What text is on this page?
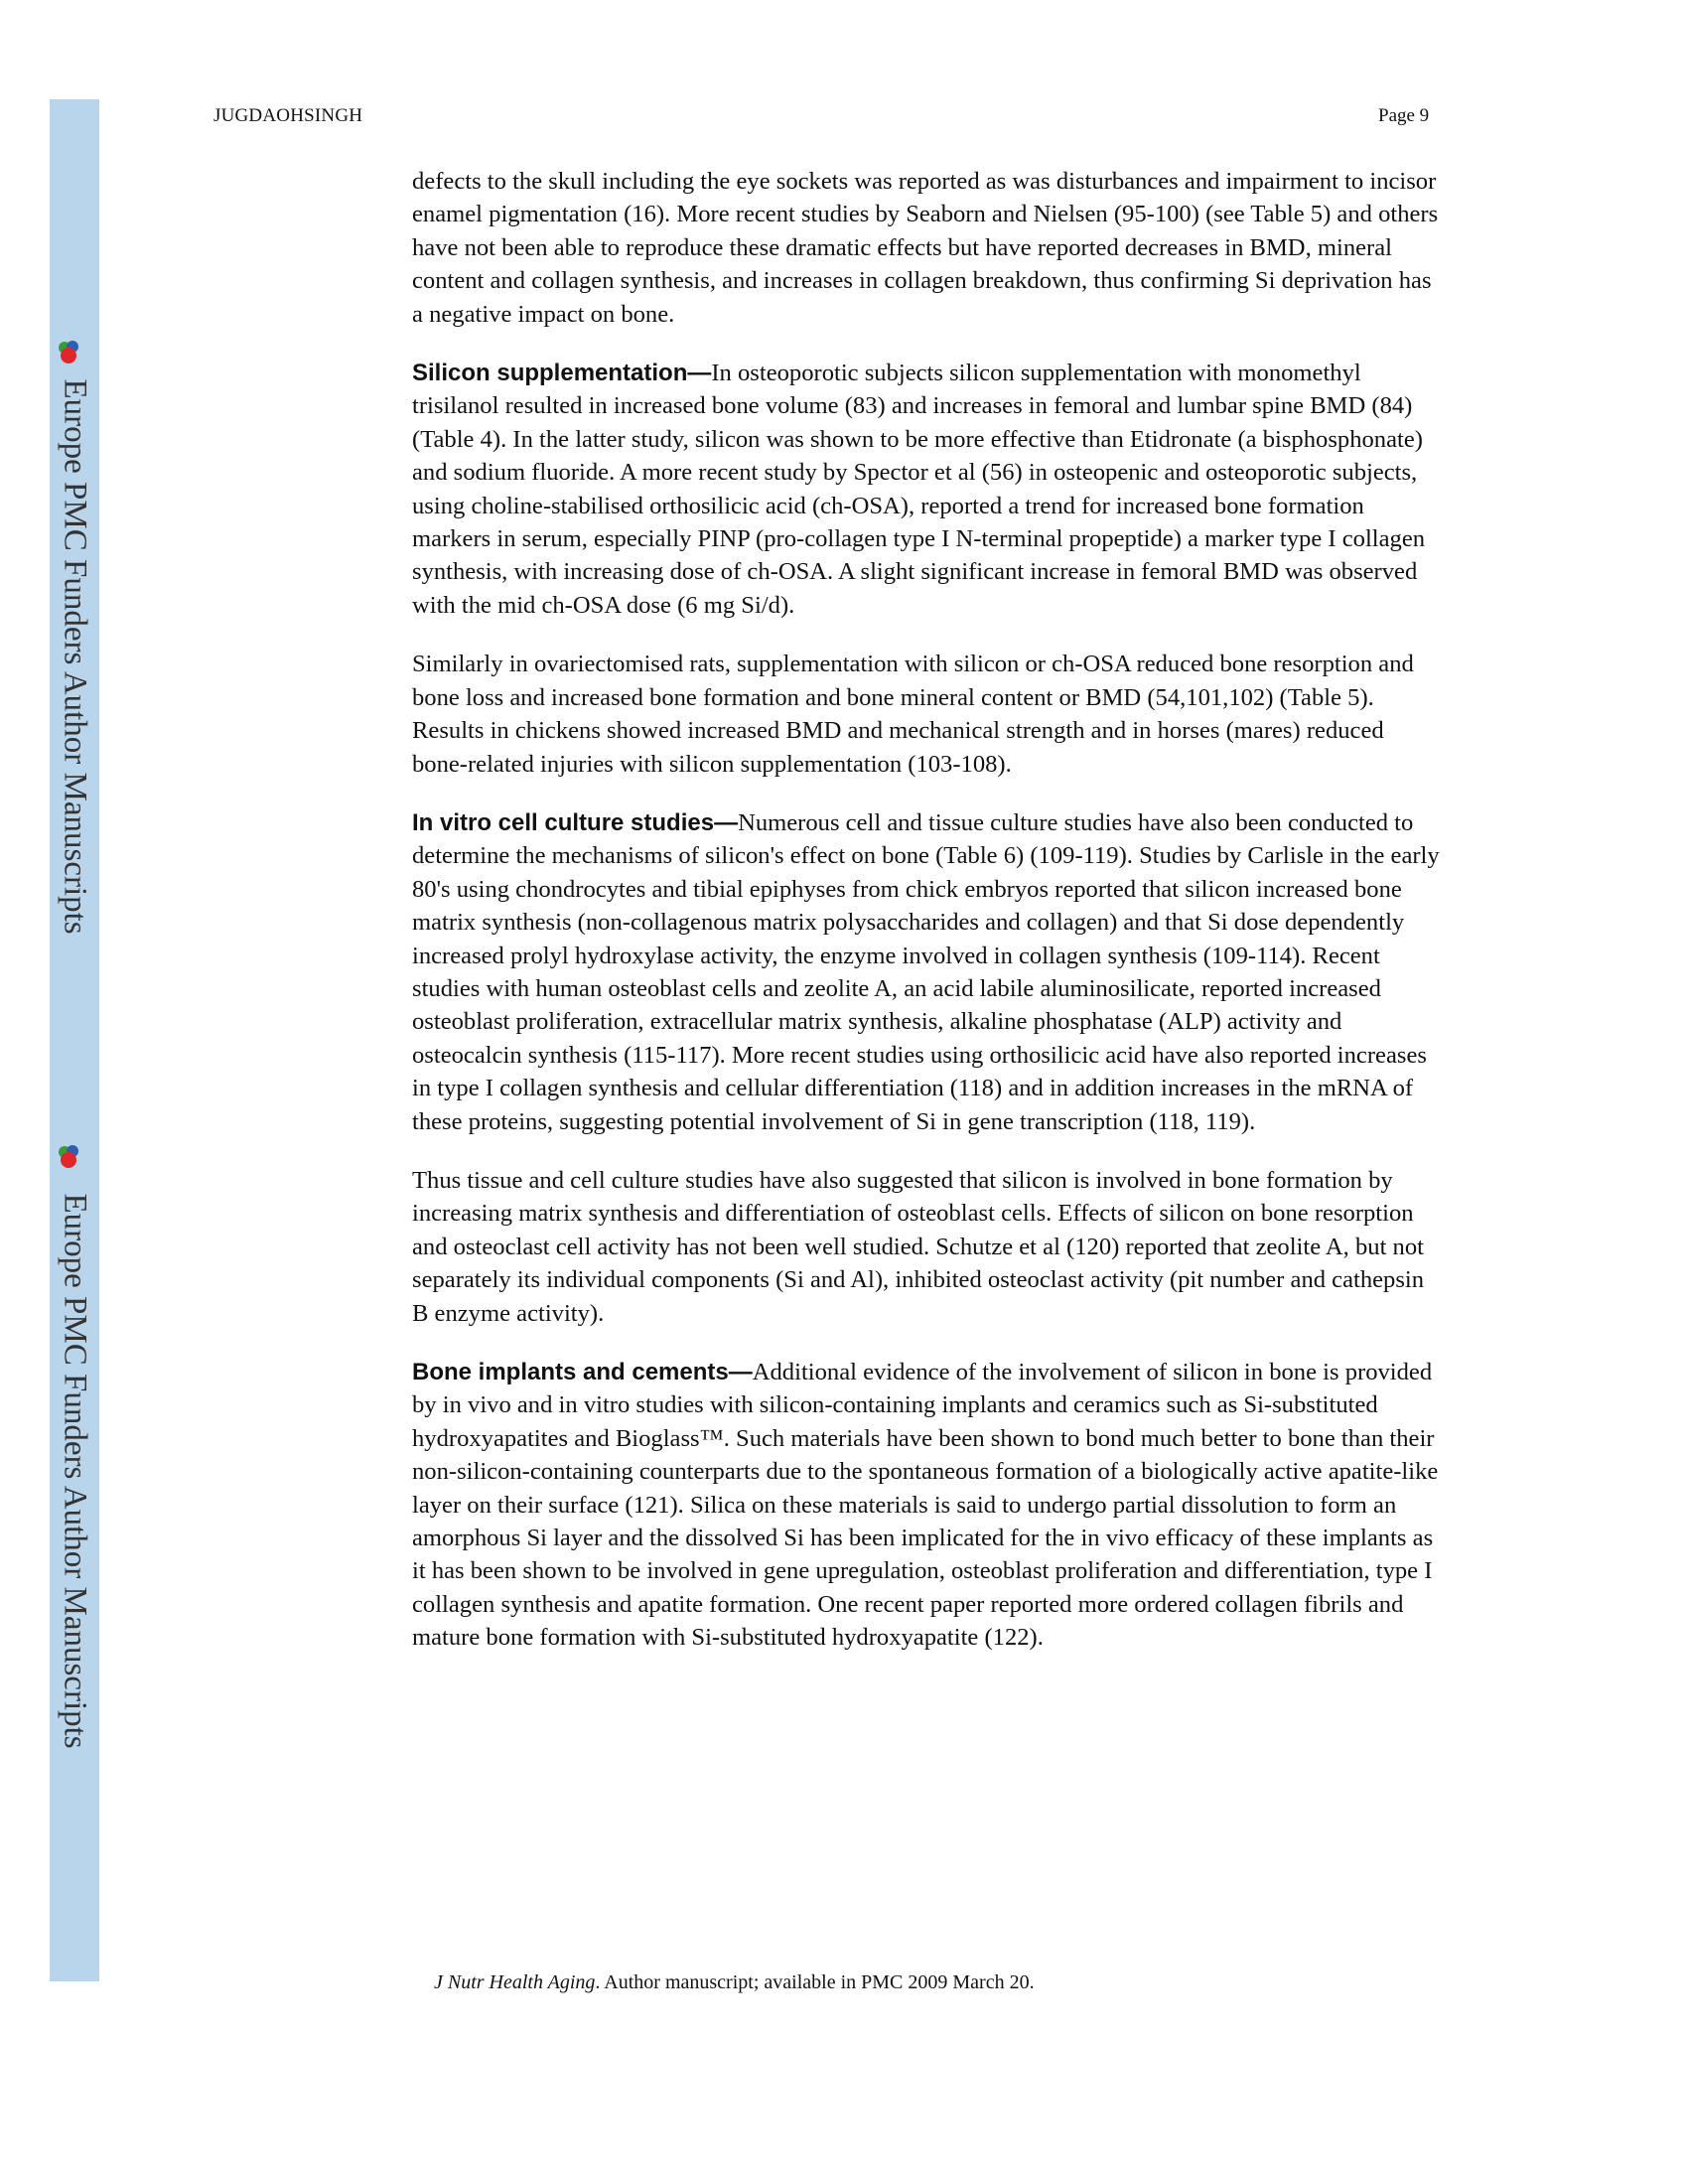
Europe PMC Funders Author Manuscripts
Europe PMC Funders Author Manuscripts
JUGDAOHSINGH	Page 9

defects to the skull including the eye sockets was reported as was disturbances and impairment to incisor enamel pigmentation (16). More recent studies by Seaborn and Nielsen (95-100) (see Table 5) and others have not been able to reproduce these dramatic effects but have reported decreases in BMD, mineral content and collagen synthesis, and increases in collagen breakdown, thus confirming Si deprivation has a negative impact on bone.

Silicon supplementation—In osteoporotic subjects silicon supplementation with monomethyl trisilanol resulted in increased bone volume (83) and increases in femoral and lumbar spine BMD (84) (Table 4). In the latter study, silicon was shown to be more effective than Etidronate (a bisphosphonate) and sodium fluoride. A more recent study by Spector et al (56) in osteopenic and osteoporotic subjects, using choline-stabilised orthosilicic acid (ch-OSA), reported a trend for increased bone formation markers in serum, especially PINP (pro-collagen type I N-terminal propeptide) a marker type I collagen synthesis, with increasing dose of ch-OSA. A slight significant increase in femoral BMD was observed with the mid ch-OSA dose (6 mg Si/d).

Similarly in ovariectomised rats, supplementation with silicon or ch-OSA reduced bone resorption and bone loss and increased bone formation and bone mineral content or BMD (54,101,102) (Table 5). Results in chickens showed increased BMD and mechanical strength and in horses (mares) reduced bone-related injuries with silicon supplementation (103-108).

In vitro cell culture studies—Numerous cell and tissue culture studies have also been conducted to determine the mechanisms of silicon's effect on bone (Table 6) (109-119). Studies by Carlisle in the early 80's using chondrocytes and tibial epiphyses from chick embryos reported that silicon increased bone matrix synthesis (non-collagenous matrix polysaccharides and collagen) and that Si dose dependently increased prolyl hydroxylase activity, the enzyme involved in collagen synthesis (109-114). Recent studies with human osteoblast cells and zeolite A, an acid labile aluminosilicate, reported increased osteoblast proliferation, extracellular matrix synthesis, alkaline phosphatase (ALP) activity and osteocalcin synthesis (115-117). More recent studies using orthosilicic acid have also reported increases in type I collagen synthesis and cellular differentiation (118) and in addition increases in the mRNA of these proteins, suggesting potential involvement of Si in gene transcription (118, 119).

Thus tissue and cell culture studies have also suggested that silicon is involved in bone formation by increasing matrix synthesis and differentiation of osteoblast cells. Effects of silicon on bone resorption and osteoclast cell activity has not been well studied. Schutze et al (120) reported that zeolite A, but not separately its individual components (Si and Al), inhibited osteoclast activity (pit number and cathepsin B enzyme activity).

Bone implants and cements—Additional evidence of the involvement of silicon in bone is provided by in vivo and in vitro studies with silicon-containing implants and ceramics such as Si-substituted hydroxyapatites and Bioglass™. Such materials have been shown to bond much better to bone than their non-silicon-containing counterparts due to the spontaneous formation of a biologically active apatite-like layer on their surface (121). Silica on these materials is said to undergo partial dissolution to form an amorphous Si layer and the dissolved Si has been implicated for the in vivo efficacy of these implants as it has been shown to be involved in gene upregulation, osteoblast proliferation and differentiation, type I collagen synthesis and apatite formation. One recent paper reported more ordered collagen fibrils and mature bone formation with Si-substituted hydroxyapatite (122).

J Nutr Health Aging. Author manuscript; available in PMC 2009 March 20.
